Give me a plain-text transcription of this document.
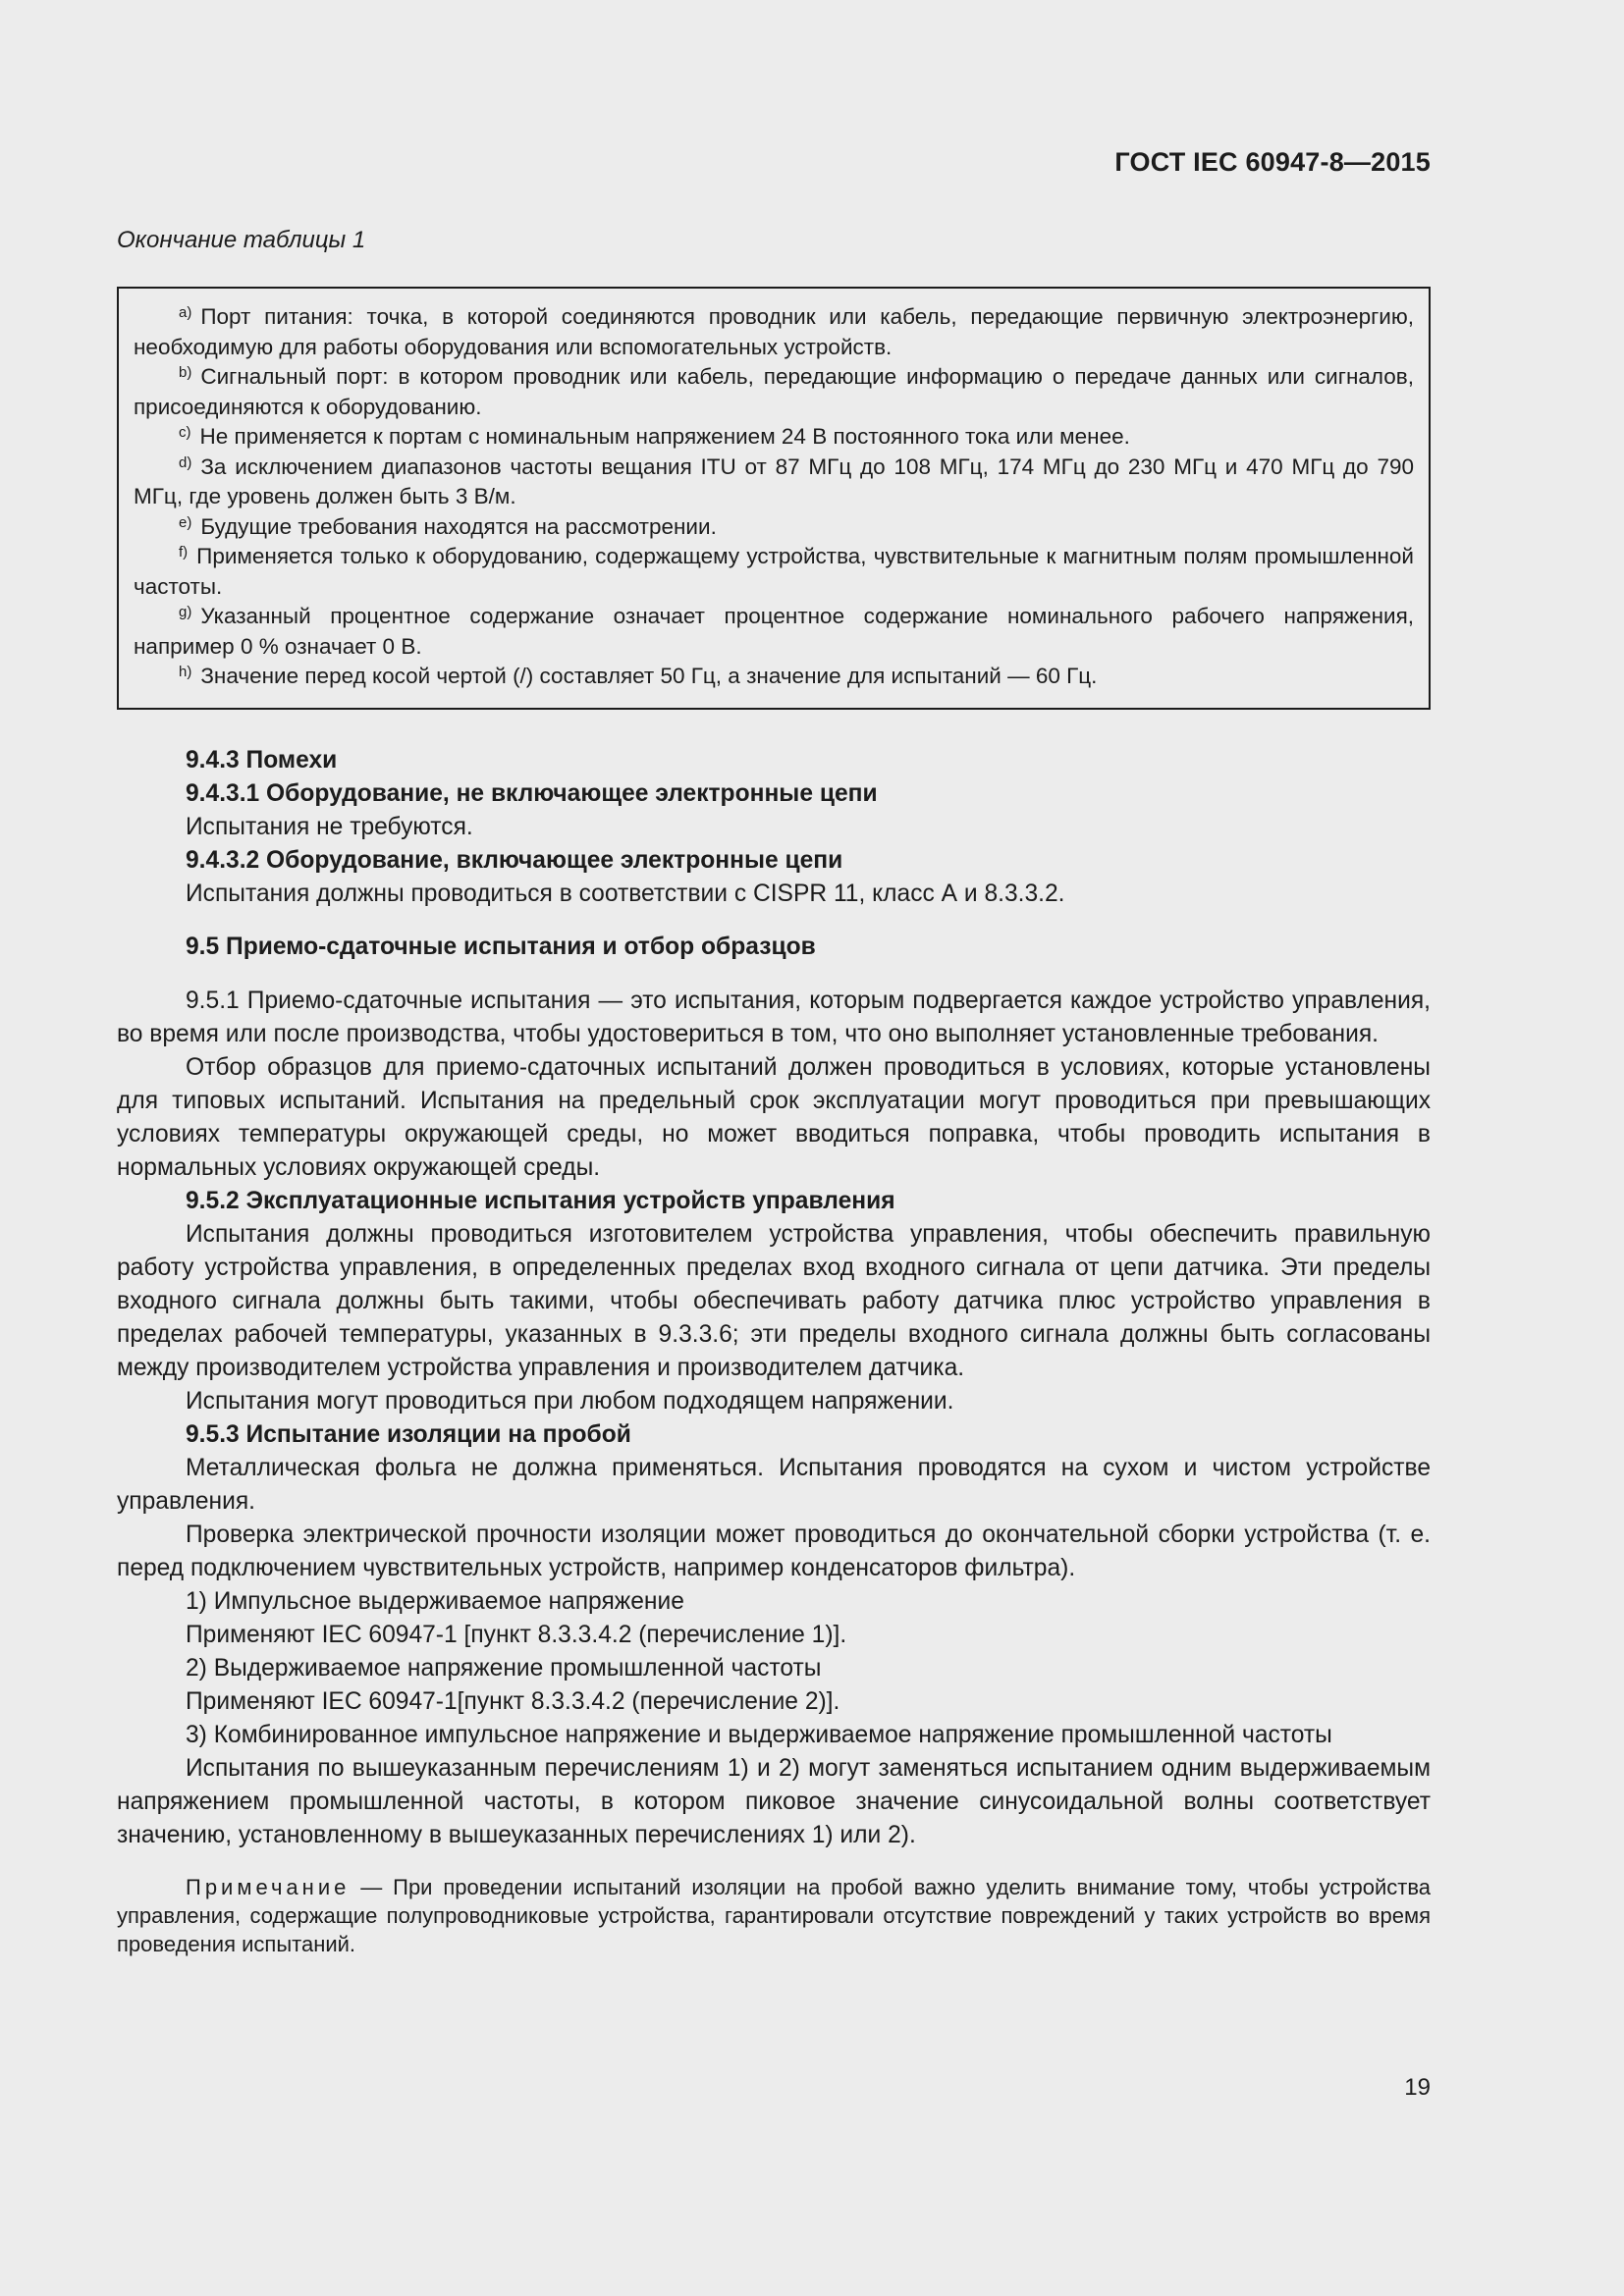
ГОСТ IEC 60947-8—2015
Окончание таблицы 1
$^{a)}$ Порт питания: точка, в которой соединяются проводник или кабель, передающие первичную электроэнергию, необходимую для работы оборудования или вспомогательных устройств.
$^{b)}$ Сигнальный порт: в котором проводник или кабель, передающие информацию о передаче данных или сигналов, присоединяются к оборудованию.
$^{c)}$ Не применяется к портам с номинальным напряжением 24 В постоянного тока или менее.
$^{d)}$ За исключением диапазонов частоты вещания ITU от 87 МГц до 108 МГц, 174 МГц до 230 МГц и 470 МГц до 790 МГц, где уровень должен быть 3 В/м.
$^{e)}$ Будущие требования находятся на рассмотрении.
$^{f)}$ Применяется только к оборудованию, содержащему устройства, чувствительные к магнитным полям промышленной частоты.
$^{g)}$ Указанный процентное содержание означает процентное содержание номинального рабочего напряжения, например 0 % означает 0 В.
$^{h)}$ Значение перед косой чертой (/) составляет 50 Гц, а значение для испытаний — 60 Гц.

9.4.3 Помехи

9.4.3.1 Оборудование, не включающее электронные цепи

Испытания не требуются.

9.4.3.2 Оборудование, включающее электронные цепи

Испытания должны проводиться в соответствии с CISPR 11, класс А и 8.3.3.2.

9.5 Приемо-сдаточные испытания и отбор образцов

9.5.1 Приемо-сдаточные испытания — это испытания, которым подвергается каждое устройство управления, во время или после производства, чтобы удостовериться в том, что оно выполняет установленные требования.

Отбор образцов для приемо-сдаточных испытаний должен проводиться в условиях, которые установлены для типовых испытаний. Испытания на предельный срок эксплуатации могут проводиться при превышающих условиях температуры окружающей среды, но может вводиться поправка, чтобы проводить испытания в нормальных условиях окружающей среды.

9.5.2 Эксплуатационные испытания устройств управления

Испытания должны проводиться изготовителем устройства управления, чтобы обеспечить правильную работу устройства управления, в определенных пределах вход входного сигнала от цепи датчика. Эти пределы входного сигнала должны быть такими, чтобы обеспечивать работу датчика плюс устройство управления в пределах рабочей температуры, указанных в 9.3.3.6; эти пределы входного сигнала должны быть согласованы между производителем устройства управления и производителем датчика.

Испытания могут проводиться при любом подходящем напряжении.

9.5.3 Испытание изоляции на пробой

Металлическая фольга не должна применяться. Испытания проводятся на сухом и чистом устройстве управления.

Проверка электрической прочности изоляции может проводиться до окончательной сборки устройства (т. е. перед подключением чувствительных устройств, например конденсаторов фильтра).

1) Импульсное выдерживаемое напряжение

Применяют IEC 60947-1 [пункт 8.3.3.4.2 (перечисление 1)].

2) Выдерживаемое напряжение промышленной частоты

Применяют IEC 60947-1[пункт 8.3.3.4.2 (перечисление 2)].

3) Комбинированное импульсное напряжение и выдерживаемое напряжение промышленной частоты

Испытания по вышеуказанным перечислениям 1) и 2) могут заменяться испытанием одним выдерживаемым напряжением промышленной частоты, в котором пиковое значение синусоидальной волны соответствует значению, установленному в вышеуказанных перечислениях 1) или 2).

Примечание — При проведении испытаний изоляции на пробой важно уделить внимание тому, чтобы устройства управления, содержащие полупроводниковые устройства, гарантировали отсутствие повреждений у таких устройств во время проведения испытаний.
19
